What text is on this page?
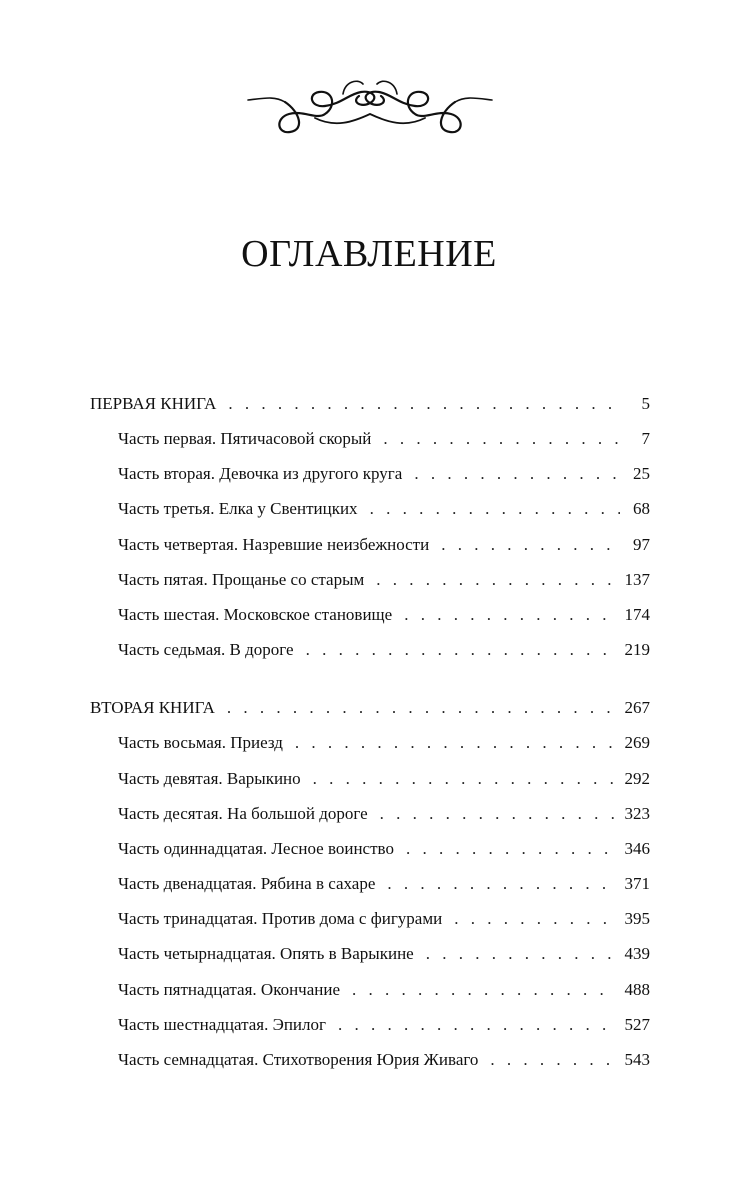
ОГЛАВЛЕНИЕ
ПЕРВАЯ КНИГА . . .	5
Часть первая. Пятичасовой скорый . . .	7
Часть вторая. Девочка из другого круга . . .	25
Часть третья. Елка у Свентицких . . .	68
Часть четвертая. Назревшие неизбежности . . .	97
Часть пятая. Прощанье со старым . . .	137
Часть шестая. Московское становище . . .	174
Часть седьмая. В дороге . . .	219
ВТОРАЯ КНИГА . . .	267
Часть восьмая. Приезд . . .	269
Часть девятая. Варыкино . . .	292
Часть десятая. На большой дороге . . .	323
Часть одиннадцатая. Лесное воинство . . .	346
Часть двенадцатая. Рябина в сахаре . . .	371
Часть тринадцатая. Против дома с фигурами . . .	395
Часть четырнадцатая. Опять в Варыкине . . .	439
Часть пятнадцатая. Окончание . . .	488
Часть шестнадцатая. Эпилог . . .	527
Часть семнадцатая. Стихотворения Юрия Живаго . . .	543
